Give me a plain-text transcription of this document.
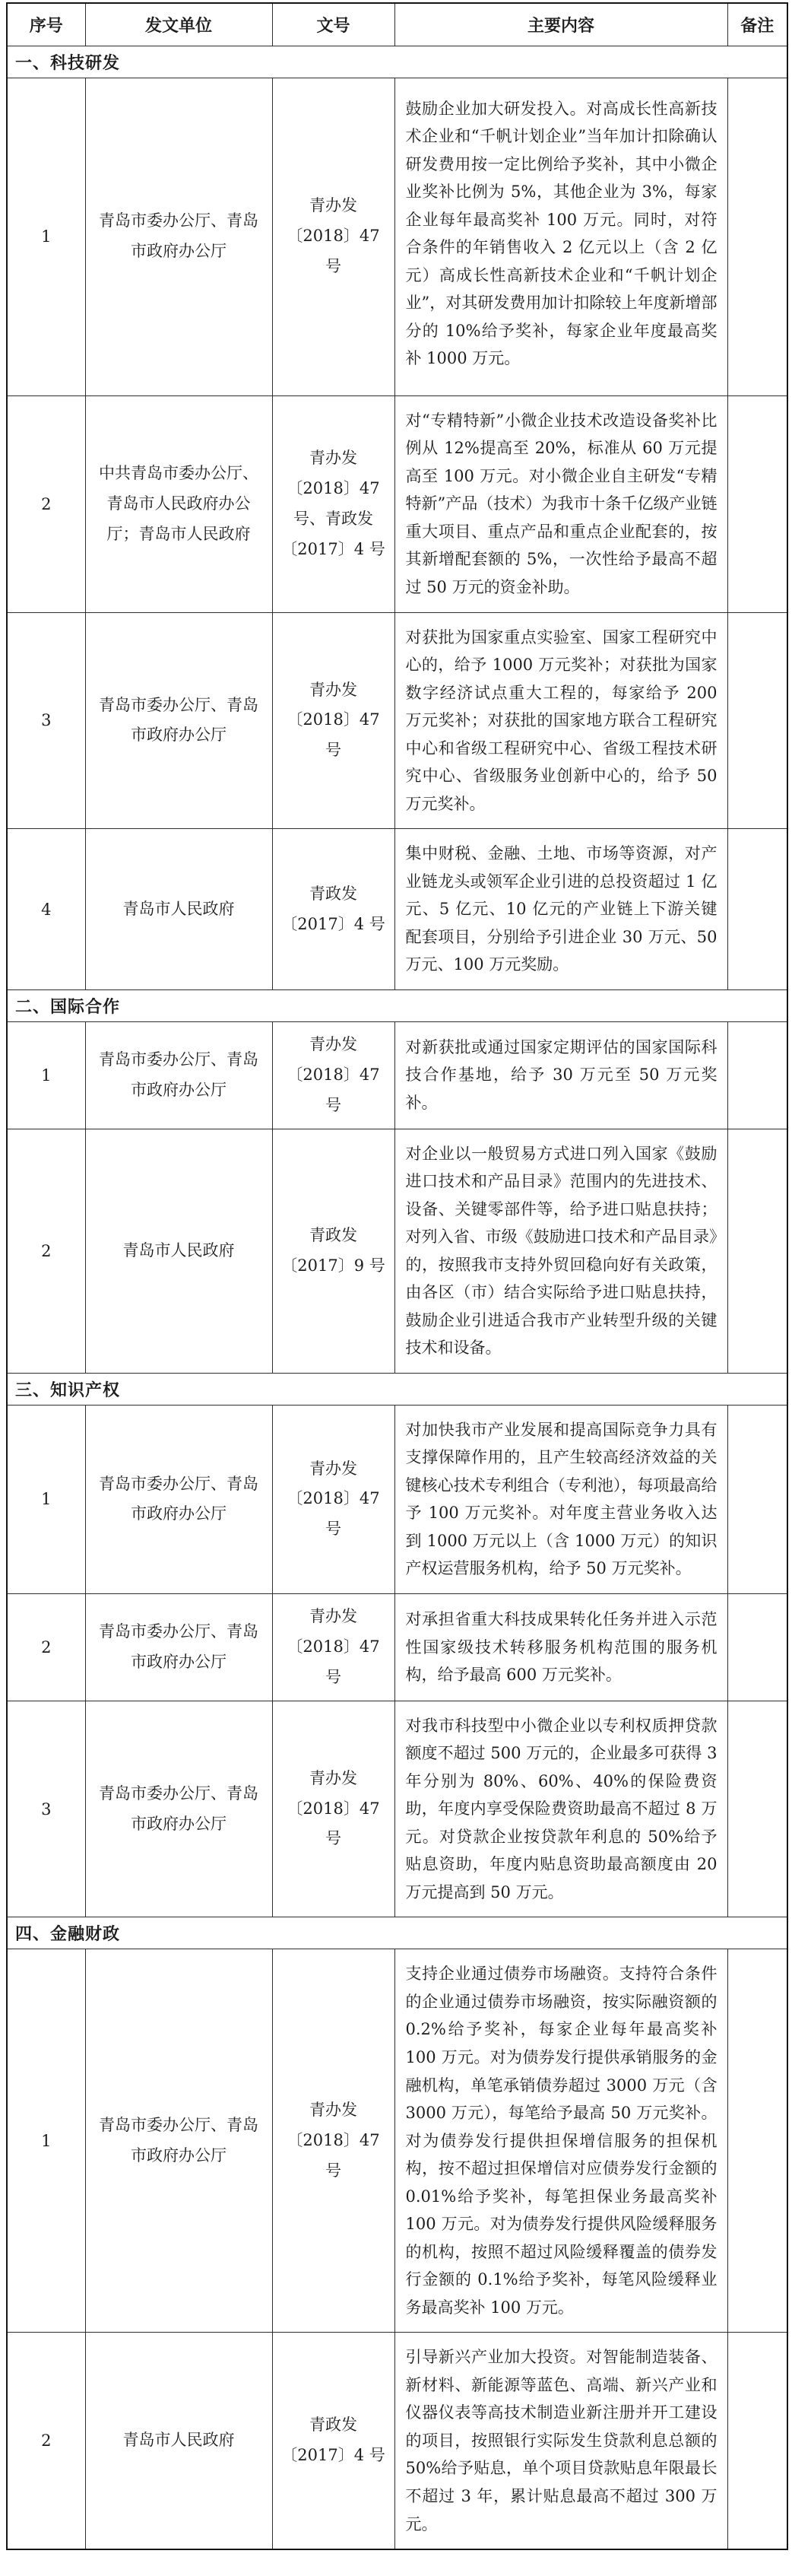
序号	发文单位	文号	主要内容	备注
一、科技研发				
1	青岛市委办公厅、青岛市政府办公厅	青办发〔2018〕47 号	鼓励企业加大研发投入。对高成长性高新技术企业和“千帆计划企业”当年加计扣除确认研发费用按一定比例给予奖补，其中小微企业奖补比例为 5%，其他企业为 3%，每家企业每年最高奖补 100 万元。同时，对符合条件的年销售收入 2 亿元以上（含 2 亿元）高成长性高新技术企业和“千帆计划企业”，对其研发费用加计扣除较上年度新增部分的 10%给予奖补，每家企业年度最高奖补 1000 万元。	
2	中共青岛市委办公厅、青岛市人民政府办公厅；青岛市人民政府	青办发〔2018〕47 号、青政发〔2017〕4 号	对“专精特新”小微企业技术改造设备奖补比例从 12%提高至 20%，标准从 60 万元提高至 100 万元。对小微企业自主研发“专精特新”产品（技术）为我市十条千亿级产业链重大项目、重点产品和重点企业配套的，按其新增配套额的 5%，一次性给予最高不超过 50 万元的资金补助。	
3	青岛市委办公厅、青岛市政府办公厅	青办发〔2018〕47 号	对获批为国家重点实验室、国家工程研究中心的，给予 1000 万元奖补；对获批为国家数字经济试点重大工程的，每家给予 200 万元奖补；对获批的国家地方联合工程研究中心和省级工程研究中心、省级工程技术研究中心、省级服务业创新中心的，给予 50 万元奖补。	
4	青岛市人民政府	青政发〔2017〕4 号	集中财税、金融、土地、市场等资源，对产业链龙头或领军企业引进的总投资超过 1 亿元、5 亿元、10 亿元的产业链上下游关键配套项目，分别给予引进企业 30 万元、50 万元、100 万元奖励。	
二、国际合作				
1	青岛市委办公厅、青岛市政府办公厅	青办发〔2018〕47 号	对新获批或通过国家定期评估的国家国际科技合作基地，给予 30 万元至 50 万元奖补。	
2	青岛市人民政府	青政发〔2017〕9 号	对企业以一般贸易方式进口列入国家《鼓励进口技术和产品目录》范围内的先进技术、设备、关键零部件等，给予进口贴息扶持；对列入省、市级《鼓励进口技术和产品目录》的，按照我市支持外贸回稳向好有关政策，由各区（市）结合实际给予进口贴息扶持，鼓励企业引进适合我市产业转型升级的关键技术和设备。	
三、知识产权				
1	青岛市委办公厅、青岛市政府办公厅	青办发〔2018〕47 号	对加快我市产业发展和提高国际竞争力具有支撑保障作用的，且产生较高经济效益的关键核心技术专利组合（专利池），每项最高给予 100 万元奖补。对年度主营业务收入达到 1000 万元以上（含 1000 万元）的知识产权运营服务机构，给予 50 万元奖补。	
2	青岛市委办公厅、青岛市政府办公厅	青办发〔2018〕47 号	对承担省重大科技成果转化任务并进入示范性国家级技术转移服务机构范围的服务机构，给予最高 600 万元奖补。	
3	青岛市委办公厅、青岛市政府办公厅	青办发〔2018〕47 号	对我市科技型中小微企业以专利权质押贷款额度不超过 500 万元的，企业最多可获得 3 年分别为 80%、60%、40%的保险费资助，年度内享受保险费资助最高不超过 8 万元。对贷款企业按贷款年利息的 50%给予贴息资助，年度内贴息资助最高额度由 20 万元提高到 50 万元。	
四、金融财政				
1	青岛市委办公厅、青岛市政府办公厅	青办发〔2018〕47 号	支持企业通过债券市场融资。支持符合条件的企业通过债券市场融资，按实际融资额的 0.2%给予奖补，每家企业每年最高奖补 100 万元。对为债券发行提供承销服务的金融机构，单笔承销债券超过 3000 万元（含 3000 万元），每笔给予最高 50 万元奖补。对为债券发行提供担保增信服务的担保机构，按不超过担保增信对应债券发行金额的 0.01%给予奖补，每笔担保业务最高奖补 100 万元。对为债券发行提供风险缓释服务的机构，按照不超过风险缓释覆盖的债券发行金额的 0.1%给予奖补，每笔风险缓释业务最高奖补 100 万元。	
2	青岛市人民政府	青政发〔2017〕4 号	引导新兴产业加大投资。对智能制造装备、新材料、新能源等蓝色、高端、新兴产业和仪器仪表等高技术制造业新注册并开工建设的项目，按照银行实际发生贷款利息总额的 50%给予贴息，单个项目贷款贴息年限最长不超过 3 年，累计贴息最高不超过 300 万元。	
